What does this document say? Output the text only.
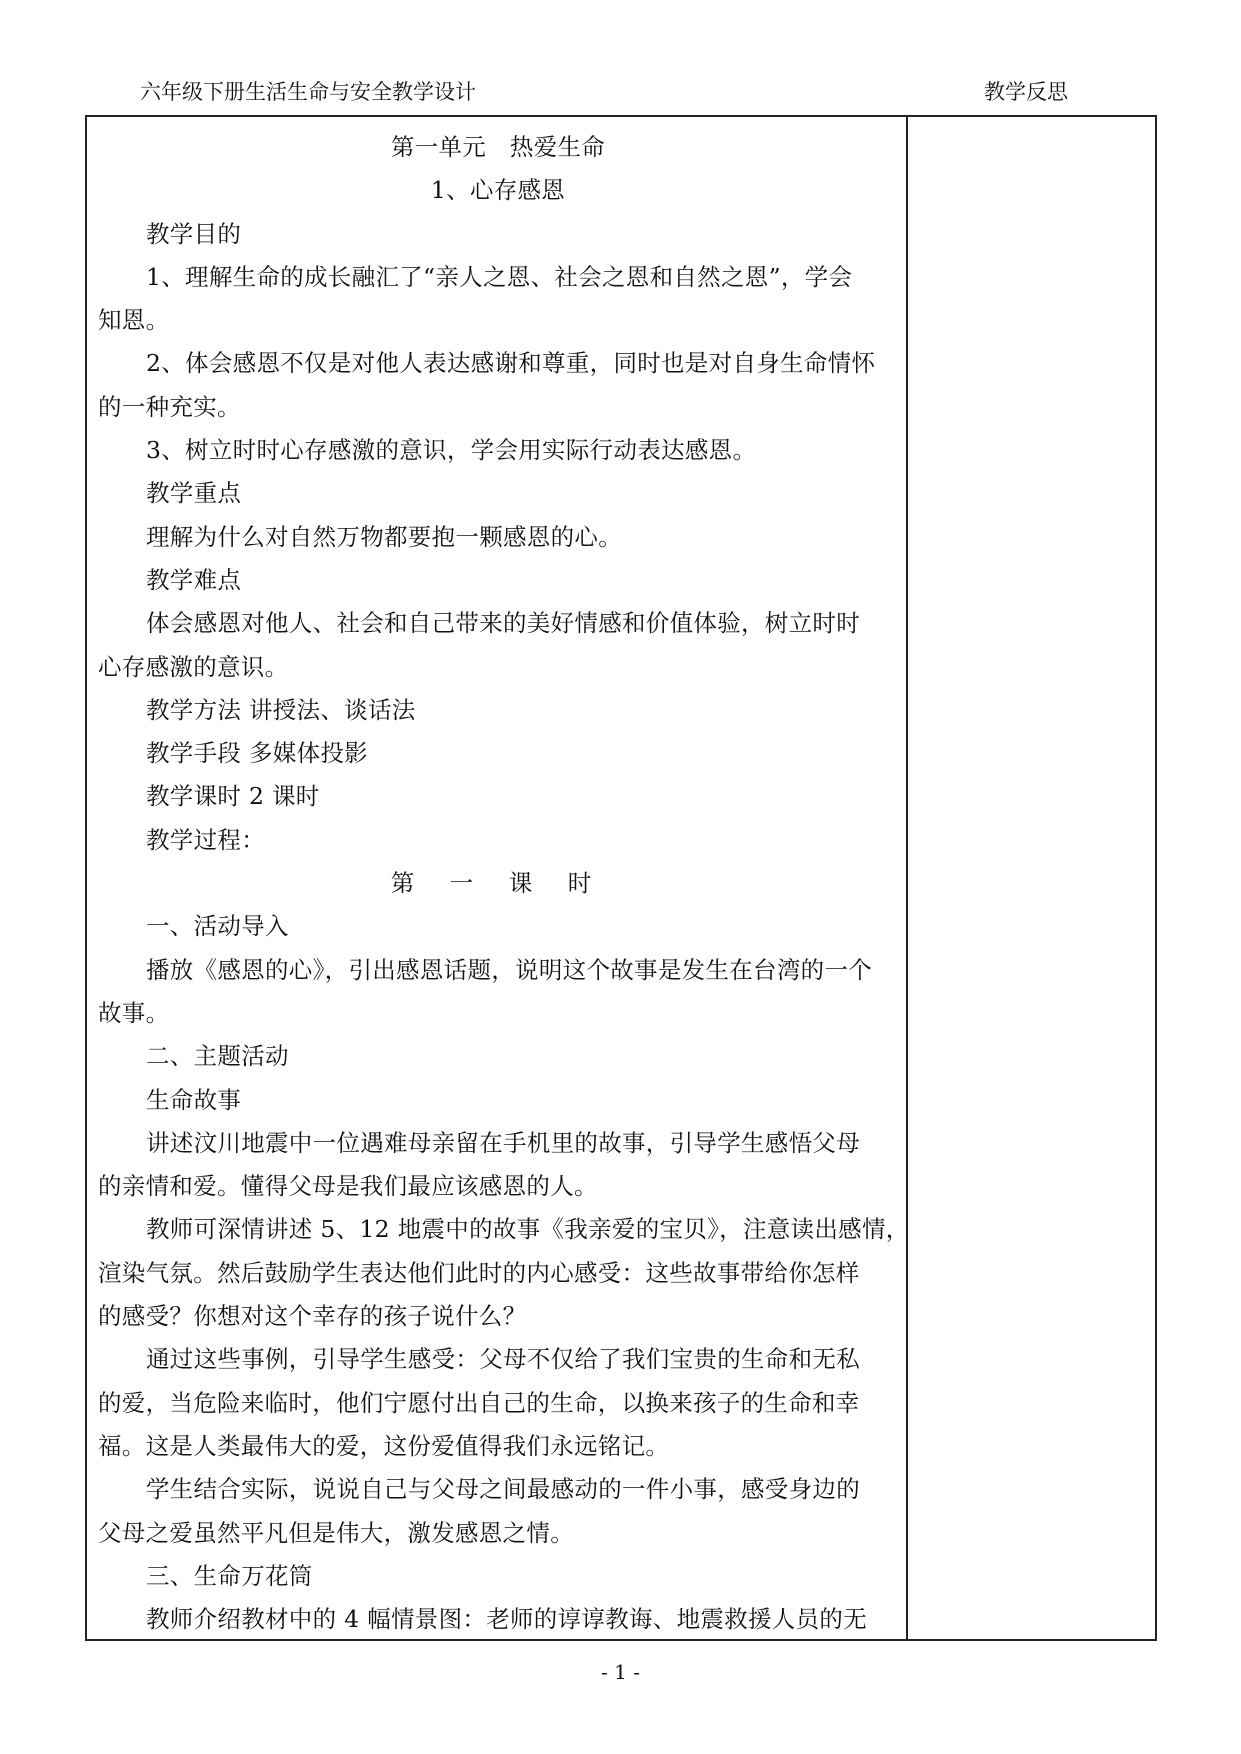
六年级下册生活生命与安全教学设计	教学反思
第一单元　热爱生命
1、心存感恩
教学目的
1、理解生命的成长融汇了“亲人之恩、社会之恩和自然之恩”，学会
知恩。
2、体会感恩不仅是对他人表达感谢和尊重，同时也是对自身生命情怀
的一种充实。
3、树立时时心存感激的意识，学会用实际行动表达感恩。
教学重点
理解为什么对自然万物都要抱一颗感恩的心。
教学难点
体会感恩对他人、社会和自己带来的美好情感和价值体验，树立时时
心存感激的意识。
教学方法 讲授法、谈话法
教学手段 多媒体投影
教学课时 2 课时
教学过程：
第 一 课 时
一、活动导入
播放《感恩的心》，引出感恩话题，说明这个故事是发生在台湾的一个
故事。
二、主题活动
生命故事
讲述汶川地震中一位遇难母亲留在手机里的故事，引导学生感悟父母
的亲情和爱。懂得父母是我们最应该感恩的人。
教师可深情讲述 5、12 地震中的故事《我亲爱的宝贝》，注意读出感情，
渲染气氛。然后鼓励学生表达他们此时的内心感受：这些故事带给你怎样
的感受？你想对这个幸存的孩子说什么？
通过这些事例，引导学生感受：父母不仅给了我们宝贵的生命和无私
的爱，当危险来临时，他们宁愿付出自己的生命，以换来孩子的生命和幸
福。这是人类最伟大的爱，这份爱值得我们永远铭记。
学生结合实际，说说自己与父母之间最感动的一件小事，感受身边的
父母之爱虽然平凡但是伟大，激发感恩之情。
三、生命万花筒
教师介绍教材中的 4 幅情景图：老师的谆谆教诲、地震救援人员的无
- 1 -
